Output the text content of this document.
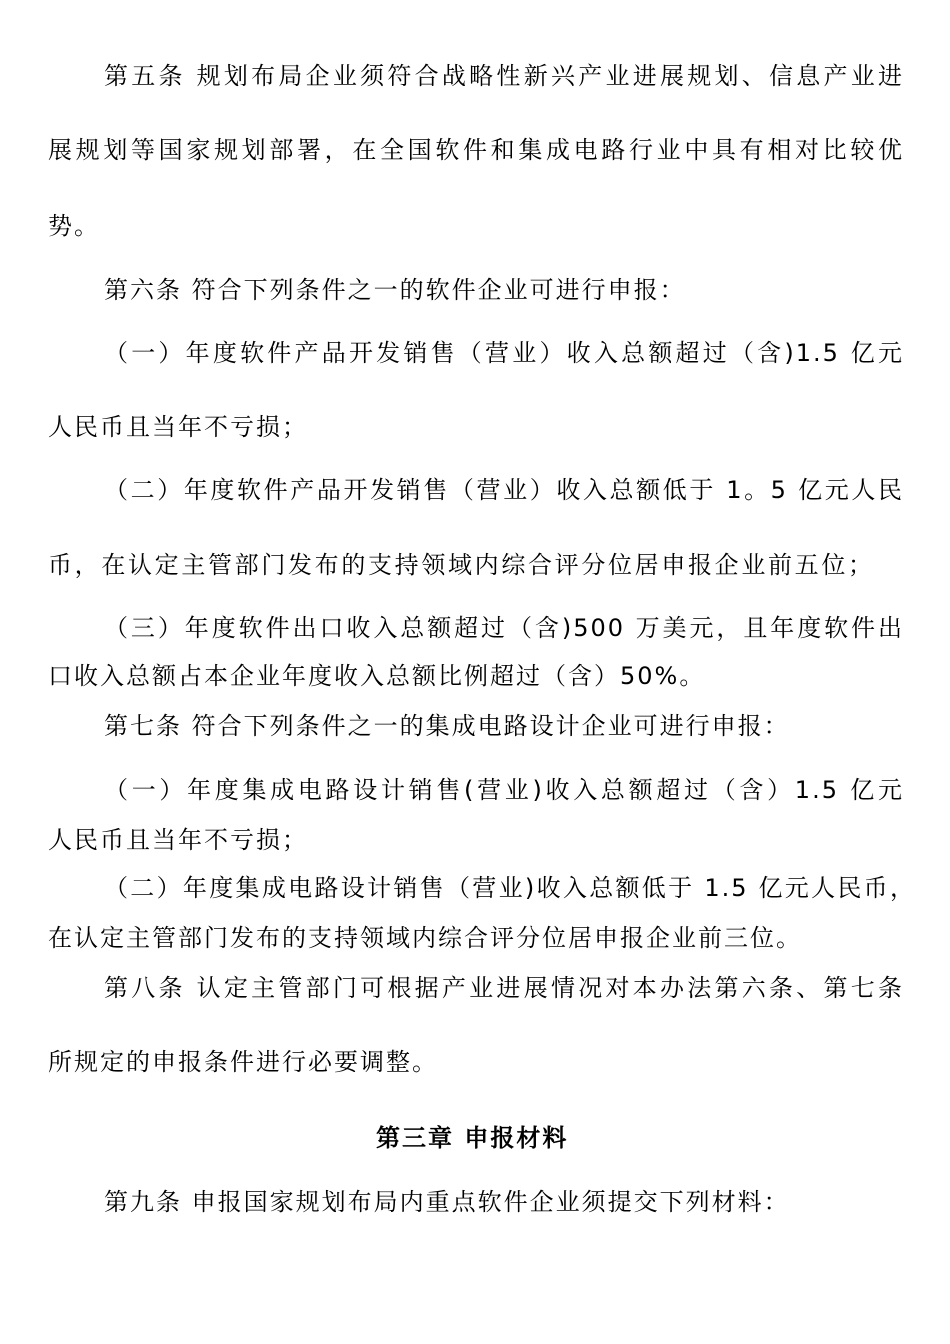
第五条 规划布局企业须符合战略性新兴产业进展规划、信息产业进
展规划等国家规划部署，在全国软件和集成电路行业中具有相对比较优
势。
第六条 符合下列条件之一的软件企业可进行申报：
（一）年度软件产品开发销售（营业）收入总额超过（含)1.5 亿元
人民币且当年不亏损；
（二）年度软件产品开发销售（营业）收入总额低于 1。5 亿元人民
币，在认定主管部门发布的支持领域内综合评分位居申报企业前五位；
（三）年度软件出口收入总额超过（含)500 万美元，且年度软件出
口收入总额占本企业年度收入总额比例超过（含）50%。
第七条 符合下列条件之一的集成电路设计企业可进行申报：
（一）年度集成电路设计销售(营业)收入总额超过（含）1.5 亿元
人民币且当年不亏损；
（二）年度集成电路设计销售（营业)收入总额低于 1.5 亿元人民币，
在认定主管部门发布的支持领域内综合评分位居申报企业前三位。
第八条 认定主管部门可根据产业进展情况对本办法第六条、第七条
所规定的申报条件进行必要调整。
第三章 申报材料
第九条 申报国家规划布局内重点软件企业须提交下列材料：
